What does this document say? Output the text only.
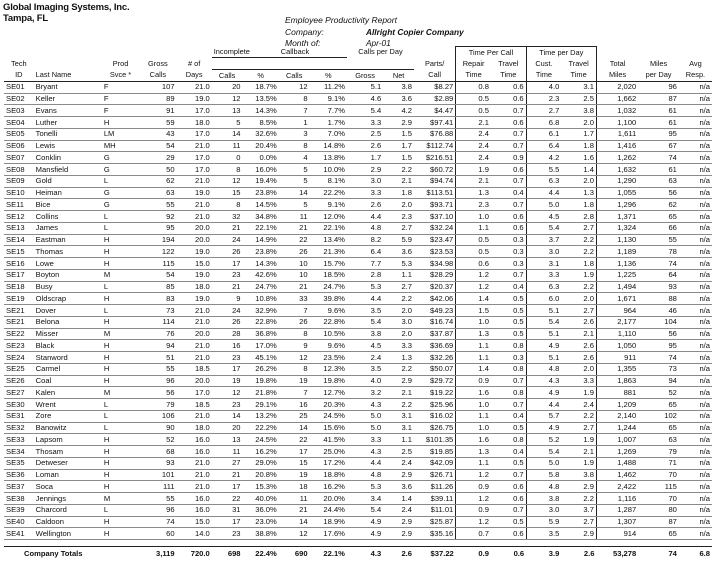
Global Imaging Systems, Inc.
Tampa, FL	Employee Productivity Report
Company:	Allright Copier Company
Month of:	Apr-01
					Incomplete		Callback		Calls per Day			Time Per Call		Time per Day				
Tech		Prod	Gross	# of							Parts/	Repair	Travel	Cust.	Travel	Total	Miles	Avg
ID	Last Name	Svce *	Calls	Days	Calls	%	Calls	%	Gross	Net	Call	Time	Time	Time	Time	Miles	per Day	Resp.
SE01	Bryant	F	107	21.0	20	18.7%	12	11.2%	5.1	3.8	$8.27	0.8	0.6	4.0	3.1	2,020	96	n/a
SE02	Keller	F	89	19.0	12	13.5%	8	9.1%	4.6	3.6	$2.89	0.5	0.6	2.3	2.5	1,662	87	n/a
SE03	Evans	F	91	17.0	13	14.3%	7	7.7%	5.4	4.2	$4.47	0.5	0.7	2.7	3.8	1,032	61	n/a
SE04	Luther	H	59	18.0	5	8.5%	1	1.7%	3.3	2.9	$97.41	2.1	0.6	6.8	2.0	1,100	61	n/a
SE05	Tonelli	LM	43	17.0	14	32.6%	3	7.0%	2.5	1.5	$76.88	2.4	0.7	6.1	1.7	1,611	95	n/a
SE06	Lewis	MH	54	21.0	11	20.4%	8	14.8%	2.6	1.7	$112.74	2.4	0.7	6.4	1.8	1,416	67	n/a
SE07	Conklin	G	29	17.0	0	0.0%	4	13.8%	1.7	1.5	$216.51	2.4	0.9	4.2	1.6	1,262	74	n/a
SE08	Mansfield	G	50	17.0	8	16.0%	5	10.0%	2.9	2.2	$60.72	1.9	0.6	5.5	1.4	1,632	61	n/a
SE09	Gold	L	62	21.0	12	19.4%	5	8.1%	3.0	2.1	$94.74	2.1	0.7	6.3	2.0	1,290	63	n/a
SE10	Heiman	G	63	19.0	15	23.8%	14	22.2%	3.3	1.8	$113.51	1.3	0.4	4.4	1.3	1,055	56	n/a
SE11	Bice	G	55	21.0	8	14.5%	5	9.1%	2.6	2.0	$93.71	2.3	0.7	5.0	1.8	1,296	62	n/a
SE12	Collins	L	92	21.0	32	34.8%	11	12.0%	4.4	2.3	$37.10	1.0	0.6	4.5	2.8	1,371	65	n/a
SE13	James	L	95	20.0	21	22.1%	21	22.1%	4.8	2.7	$32.24	1.1	0.6	5.4	2.7	1,324	66	n/a
SE14	Eastman	H	194	20.0	24	14.9%	22	13.4%	8.2	5.9	$23.47	0.5	0.3	3.7	2.2	1,130	55	n/a
SE15	Thomas	H	122	19.0	26	23.8%	26	21.3%	6.4	3.6	$23.53	0.5	0.3	3.0	2.2	1,189	78	n/a
SE16	Lowe	H	115	15.0	17	14.3%	10	15.7%	7.7	5.3	$34.98	0.6	0.3	3.1	1.8	1,136	74	n/a
SE17	Boyton	M	54	19.0	23	42.6%	10	18.5%	2.8	1.1	$28.29	1.2	0.7	3.3	1.9	1,225	64	n/a
SE18	Busy	L	85	18.0	21	24.7%	21	24.7%	5.3	2.7	$20.37	1.2	0.4	6.3	2.2	1,494	93	n/a
SE19	Oldscrap	H	83	19.0	9	10.8%	33	39.8%	4.4	2.2	$42.06	1.4	0.5	6.0	2.0	1,671	88	n/a
SE21	Dover	L	73	21.0	24	32.9%	7	9.6%	3.5	2.0	$49.23	1.5	0.5	5.1	2.7	964	46	n/a
SE21	Belona	H	114	21.0	26	22.8%	26	22.8%	5.4	3.0	$16.74	1.0	0.5	5.4	2.6	2,177	104	n/a
SE22	Misser	M	76	20.0	28	36.8%	8	10.5%	3.8	2.0	$37.87	1.3	0.5	5.1	2.1	1,110	56	n/a
SE23	Black	H	94	21.0	16	17.0%	9	9.6%	4.5	3.3	$36.69	1.1	0.8	4.9	2.6	1,050	95	n/a
SE24	Stanword	H	51	21.0	23	45.1%	12	23.5%	2.4	1.3	$32.26	1.1	0.3	5.1	2.6	911	74	n/a
SE25	Carmel	H	55	18.5	17	26.2%	8	12.3%	3.5	2.2	$50.07	1.4	0.8	4.8	2.0	1,355	73	n/a
SE26	Coal	H	96	20.0	19	19.8%	19	19.8%	4.0	2.9	$29.72	0.9	0.7	4.3	3.3	1,863	94	n/a
SE27	Kalen	M	56	17.0	12	21.8%	7	12.7%	3.2	2.1	$19.22	1.6	0.8	4.9	1.9	881	52	n/a
SE30	Wrent	L	79	18.5	23	29.1%	16	20.3%	4.3	2.2	$25.96	1.0	0.7	4.4	2.4	1,209	65	n/a
SE31	Zore	L	106	21.0	14	13.2%	25	24.5%	5.0	3.1	$16.02	1.1	0.4	5.7	2.2	2,140	102	n/a
SE32	Banowitz	L	90	18.0	20	22.2%	14	15.6%	5.0	3.1	$26.75	1.0	0.5	4.9	2.7	1,244	65	n/a
SE33	Lapsom	H	52	16.0	13	24.5%	22	41.5%	3.3	1.1	$101.35	1.6	0.8	5.2	1.9	1,007	63	n/a
SE34	Thosam	H	68	16.0	11	16.2%	17	25.0%	4.3	2.5	$19.85	1.3	0.4	5.4	2.1	1,269	79	n/a
SE35	Detweser	H	93	21.0	27	29.0%	15	17.2%	4.4	2.4	$42.09	1.1	0.5	5.0	1.9	1,488	71	n/a
SE36	Loman	H	101	21.0	21	20.8%	19	18.8%	4.8	2.9	$26.71	1.2	0.7	5.8	3.8	1,462	70	n/a
SE37	Soca	H	111	21.0	17	15.3%	18	16.2%	5.3	3.6	$11.26	0.9	0.6	4.8	2.9	2,422	115	n/a
SE38	Jennings	M	55	16.0	22	40.0%	11	20.0%	3.4	1.4	$39.11	1.2	0.6	3.8	2.2	1,116	70	n/a
SE39	Charcord	L	96	16.0	31	36.0%	21	24.4%	5.4	2.4	$11.01	0.9	0.7	3.0	3.7	1,287	80	n/a
SE40	Caldoon	H	74	15.0	17	23.0%	14	18.9%	4.9	2.9	$25.87	1.2	0.5	5.9	2.7	1,307	87	n/a
SE41	Wellington	H	60	14.0	23	38.8%	12	17.6%	4.9	2.9	$35.16	0.7	0.6	3.5	2.9	914	65	n/a

Company Totals			3,119	720.0	698	22.4%	690	22.1%	4.3	2.6	$37.22	0.9	0.6	3.9	2.6	53,278	74	6.8
